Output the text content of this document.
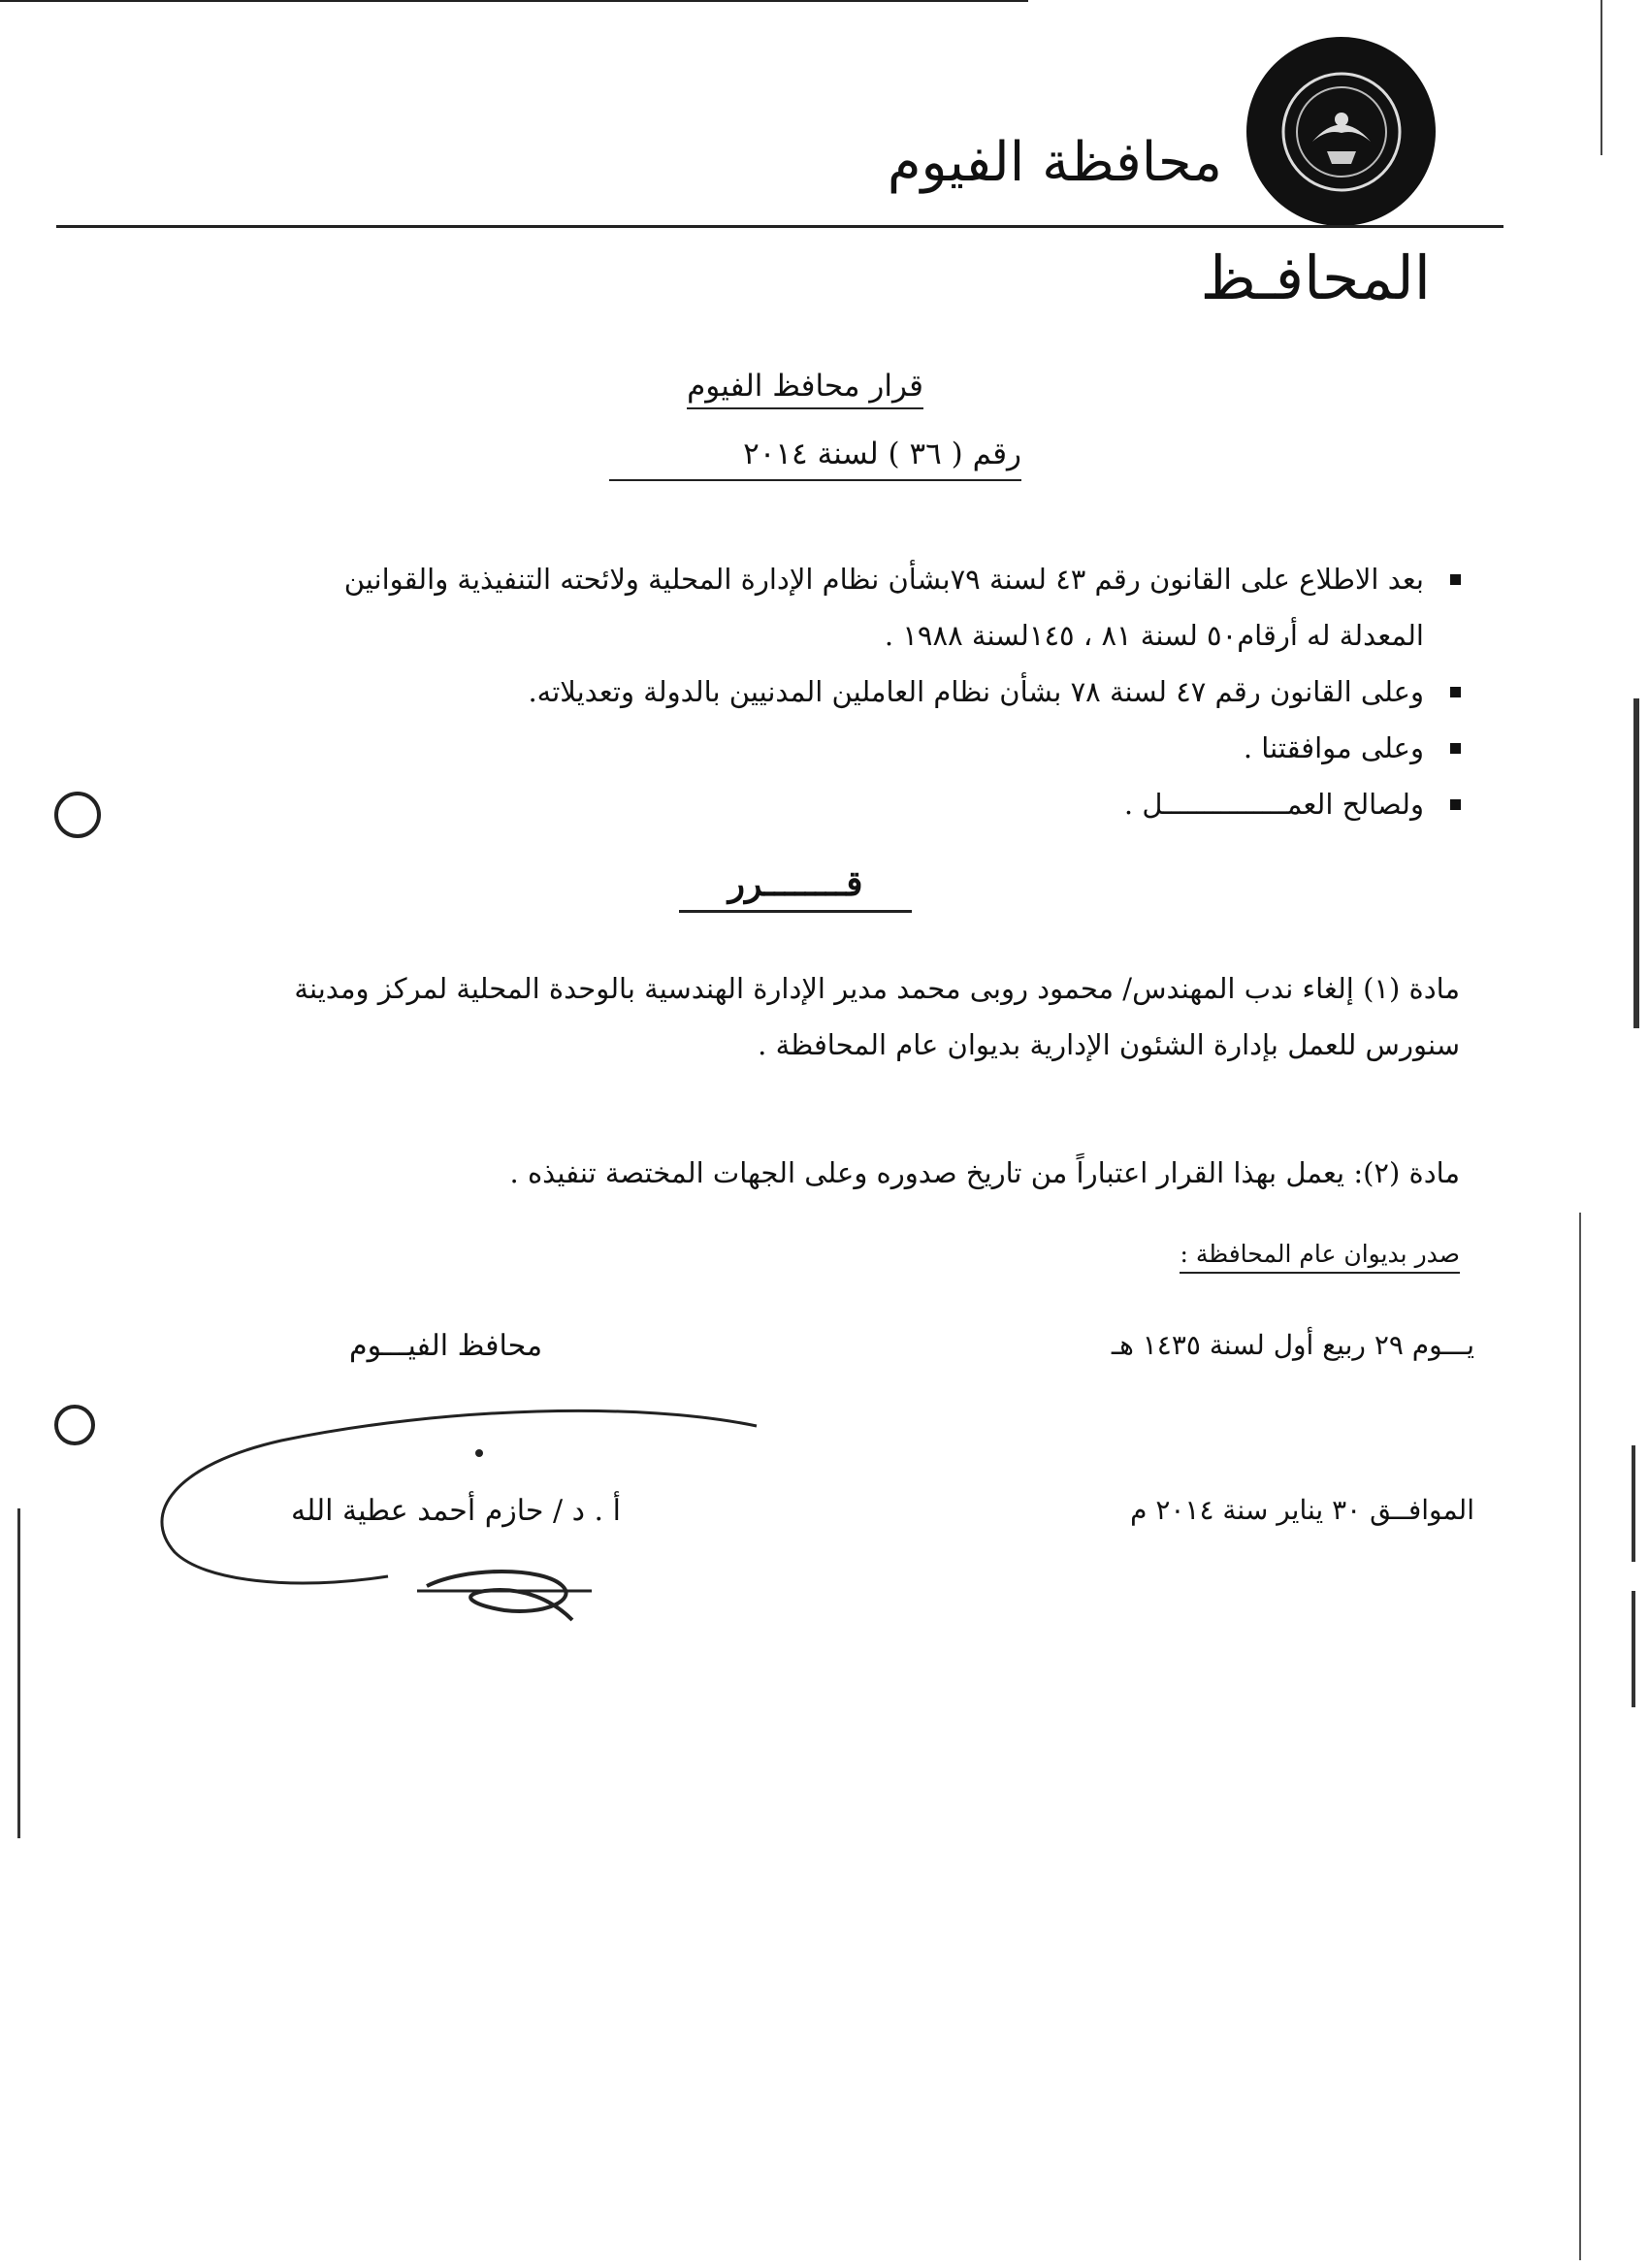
محافظة الفيوم
المحافـظ
قرار محافظ الفيوم
رقم ( ٣٦ ) لسنة ٢٠١٤
بعد الاطلاع على القانون رقم ٤٣ لسنة ٧٩بشأن نظام الإدارة المحلية ولائحته التنفيذية والقوانين المعدلة له أرقام٥٠ لسنة ٨١ ، ١٤٥لسنة ١٩٨٨ .
وعلى القانون رقم ٤٧ لسنة ٧٨ بشأن نظام العاملين المدنيين بالدولة وتعديلاته.
وعلى موافقتنا .
ولصالح العمـــــــــــــــل .
قــــــــرر
مادة (١) إلغاء ندب المهندس/ محمود روبى محمد مدير الإدارة الهندسية بالوحدة المحلية لمركز ومدينة سنورس للعمل بإدارة الشئون الإدارية بديوان عام المحافظة .
مادة (٢): يعمل بهذا القرار اعتباراً من تاريخ صدوره وعلى الجهات المختصة تنفيذه .
صدر بديوان عام المحافظة :
يـــوم ٢٩ ربيع أول لسنة ١٤٣٥ هـ
الموافــق ٣٠ يناير سنة ٢٠١٤ م
محافظ الفيـــوم
أ . د / حازم أحمد عطية الله
